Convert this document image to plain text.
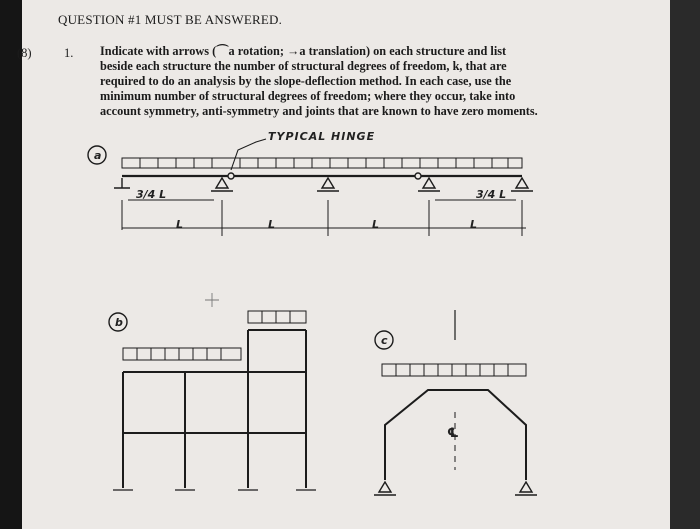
QUESTION #1 MUST BE ANSWERED.
(8)	1. Indicate with arrows (⌒a rotation; →a translation) on each structure and list
beside each structure the number of structural degrees of freedom, k, that are
required to do an analysis by the slope-deflection method. In each case, use the
minimum number of structural degrees of freedom; where they occur, take into
account symmetry, anti-symmetry and joints that are known to have zero moments.
TYPICAL HINGE
a
b
c
3/4 L
L	L	L	L
3/4 L
℄
